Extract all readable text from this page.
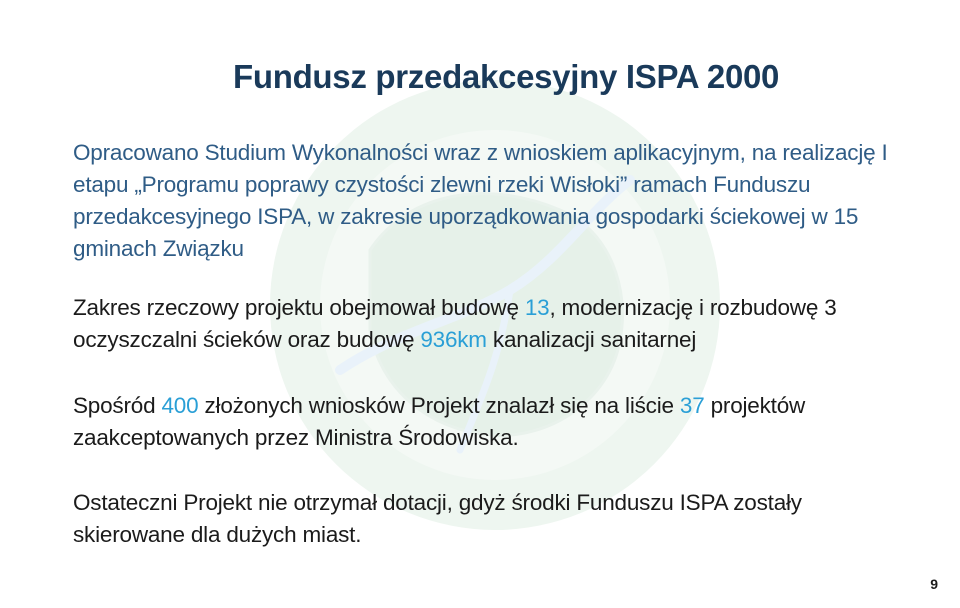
Fundusz przedakcesyjny ISPA 2000

Opracowano Studium Wykonalności wraz z wnioskiem aplikacyjnym, na realizację I etapu „Programu poprawy czystości zlewni rzeki Wisłoki” ramach Funduszu przedakcesyjnego ISPA, w zakresie uporządkowania gospodarki ściekowej w 15 gminach Związku

Zakres rzeczowy projektu obejmował budowę 13, modernizację i rozbudowę 3 oczyszczalni ścieków oraz budowę 936km kanalizacji sanitarnej

Spośród 400 złożonych wniosków Projekt znalazł się na liście 37 projektów zaakceptowanych przez Ministra Środowiska.

Ostateczni Projekt nie otrzymał dotacji, gdyż środki Funduszu ISPA zostały skierowane dla dużych miast.

9
